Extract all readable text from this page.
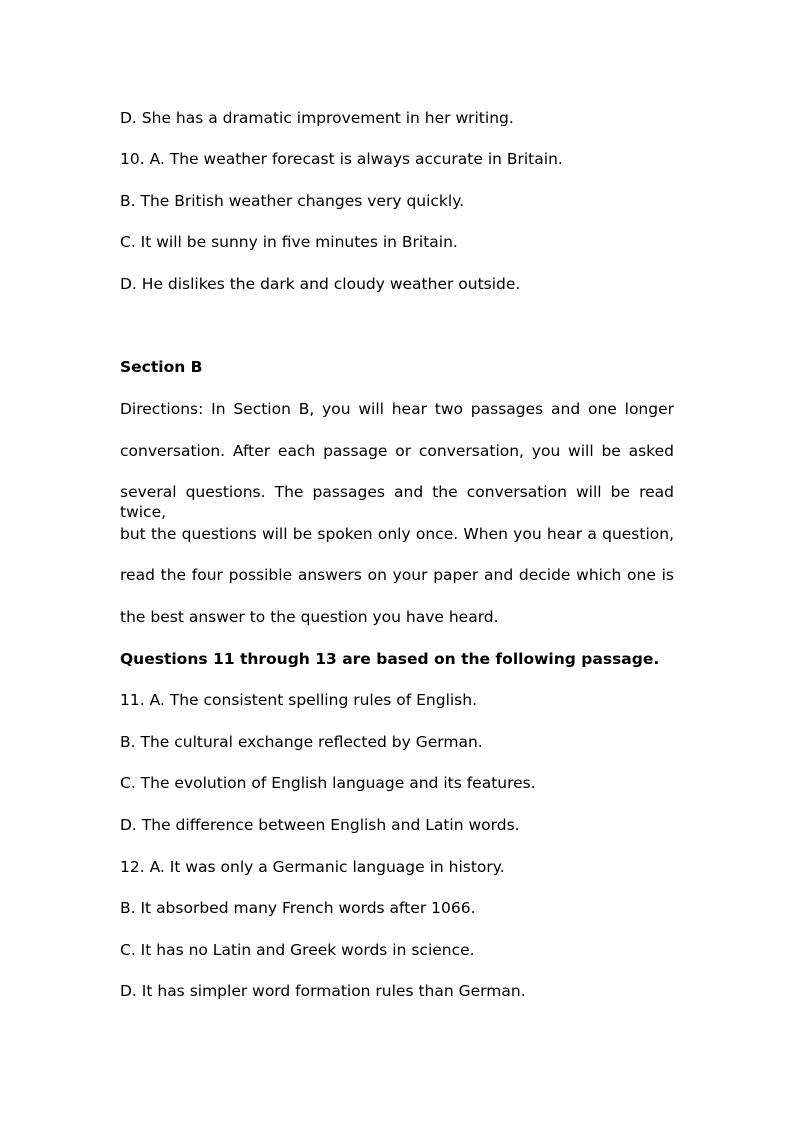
D. She has a dramatic improvement in her writing.
10. A. The weather forecast is always accurate in Britain.
B. The British weather changes very quickly.
C. It will be sunny in five minutes in Britain.
D. He dislikes the dark and cloudy weather outside.
Section B
Directions: In Section B, you will hear two passages and one longer
conversation. After each passage or conversation, you will be asked
several questions. The passages and the conversation will be read twice,
but the questions will be spoken only once. When you hear a question,
read the four possible answers on your paper and decide which one is
the best answer to the question you have heard.
Questions 11 through 13 are based on the following passage.
11. A. The consistent spelling rules of English.
B. The cultural exchange reflected by German.
C. The evolution of English language and its features.
D. The difference between English and Latin words.
12. A. It was only a Germanic language in history.
B. It absorbed many French words after 1066.
C. It has no Latin and Greek words in science.
D. It has simpler word formation rules than German.
